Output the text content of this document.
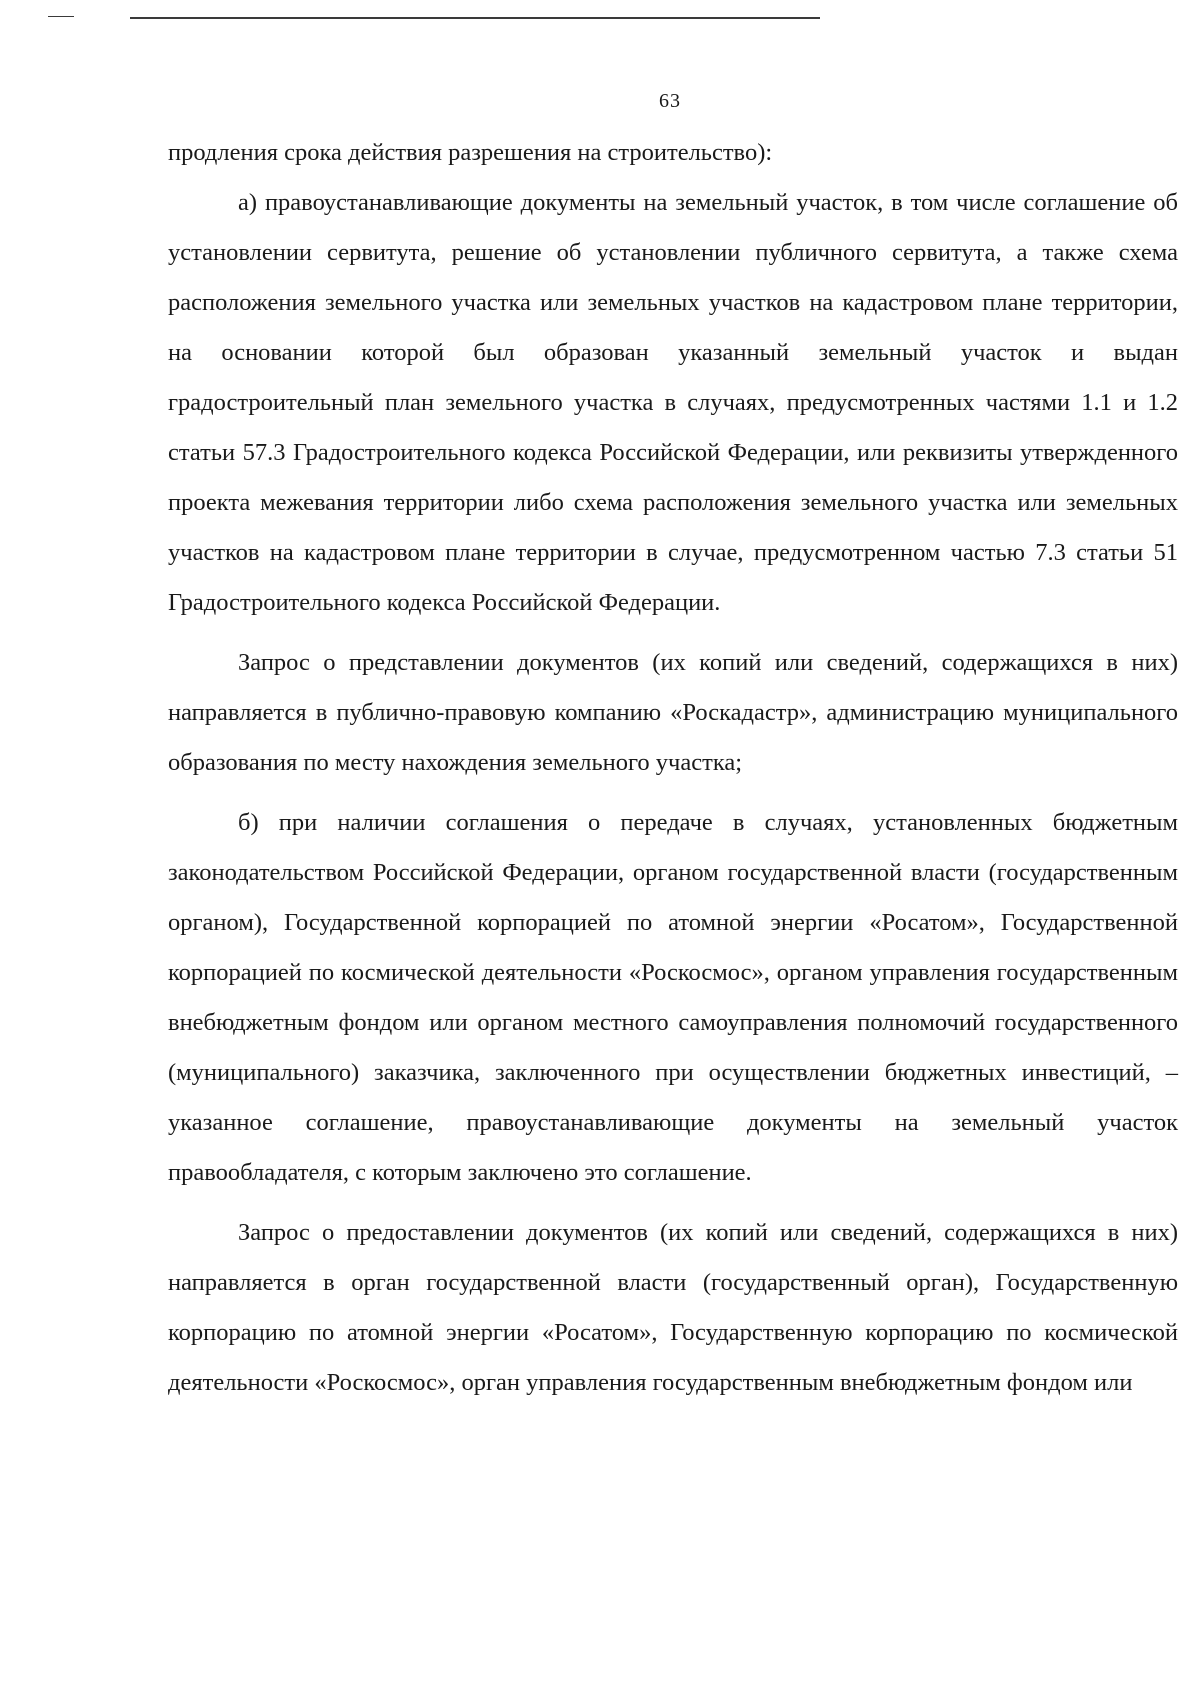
63

продления срока действия разрешения на строительство):

а) правоустанавливающие документы на земельный участок, в том числе соглашение об установлении сервитута, решение об установлении публичного сервитута, а также схема расположения земельного участка или земельных участков на кадастровом плане территории, на основании которой был образован указанный земельный участок и выдан градостроительный план земельного участка в случаях, предусмотренных частями 1.1 и 1.2 статьи 57.3 Градостроительного кодекса Российской Федерации, или реквизиты утвержденного проекта межевания территории либо схема расположения земельного участка или земельных участков на кадастровом плане территории в случае, предусмотренном частью 7.3 статьи 51 Градостроительного кодекса Российской Федерации.

Запрос о представлении документов (их копий или сведений, содержащихся в них) направляется в публично-правовую компанию «Роскадастр», администрацию муниципального образования по месту нахождения земельного участка;

б) при наличии соглашения о передаче в случаях, установленных бюджетным законодательством Российской Федерации, органом государственной власти (государственным органом), Государственной корпорацией по атомной энергии «Росатом», Государственной корпорацией по космической деятельности «Роскосмос», органом управления государственным внебюджетным фондом или органом местного самоуправления полномочий государственного (муниципального) заказчика, заключенного при осуществлении бюджетных инвестиций, – указанное соглашение, правоустанавливающие документы на земельный участок правообладателя, с которым заключено это соглашение.

Запрос о предоставлении документов (их копий или сведений, содержащихся в них) направляется в орган государственной власти (государственный орган), Государственную корпорацию по атомной энергии «Росатом», Государственную корпорацию по космической деятельности «Роскосмос», орган управления государственным внебюджетным фондом или
